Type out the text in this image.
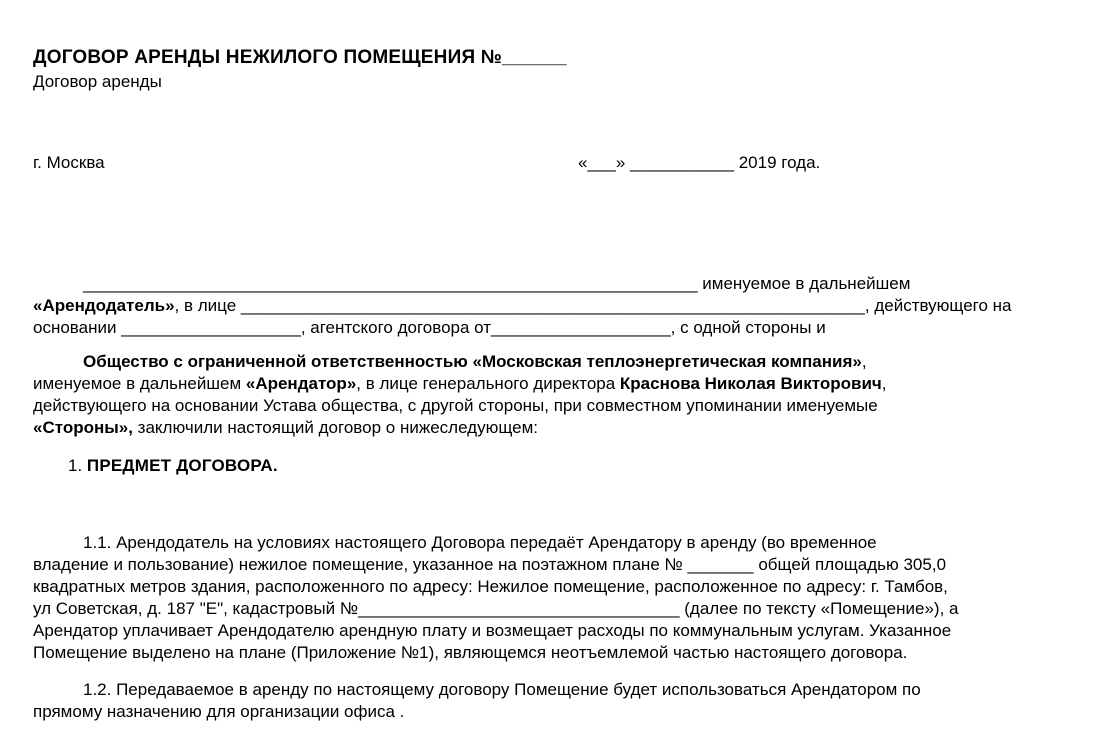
ДОГОВОР АРЕНДЫ НЕЖИЛОГО ПОМЕЩЕНИЯ №______
Договор аренды
г. Москва	«___» ___________ 2019 года.
_________________________________________________________________ именуемое в дальнейшем
«Арендодатель», в лице __________________________________________________________________, действующего на
основании ___________________, агентского договора от___________________, с одной стороны и
Общество с ограниченной ответственностью «Московская теплоэнергетическая компания»,
именуемое в дальнейшем «Арендатор», в лице генерального директора Краснова Николая Викторович,
действующего на основании Устава общества, с другой стороны, при совместном упоминании именуемые
«Стороны», заключили настоящий договор о нижеследующем:
1. ПРЕДМЕТ ДОГОВОРА.
1.1. Арендодатель на условиях настоящего Договора передаёт Арендатору в аренду (во временное
владение и пользование) нежилое помещение, указанное на поэтажном плане № _______ общей площадью 305,0
квадратных метров здания, расположенного по адресу: Нежилое помещение, расположенное по адресу: г. Тамбов,
ул Советская, д. 187 "Е", кадастровый №__________________________________ (далее по тексту «Помещение»), а
Арендатор уплачивает Арендодателю арендную плату и возмещает расходы по коммунальным услугам. Указанное
Помещение выделено на плане (Приложение №1), являющемся неотъемлемой частью настоящего договора.
1.2. Передаваемое в аренду по настоящему договору Помещение будет использоваться Арендатором по
прямому назначению для организации офиса .
